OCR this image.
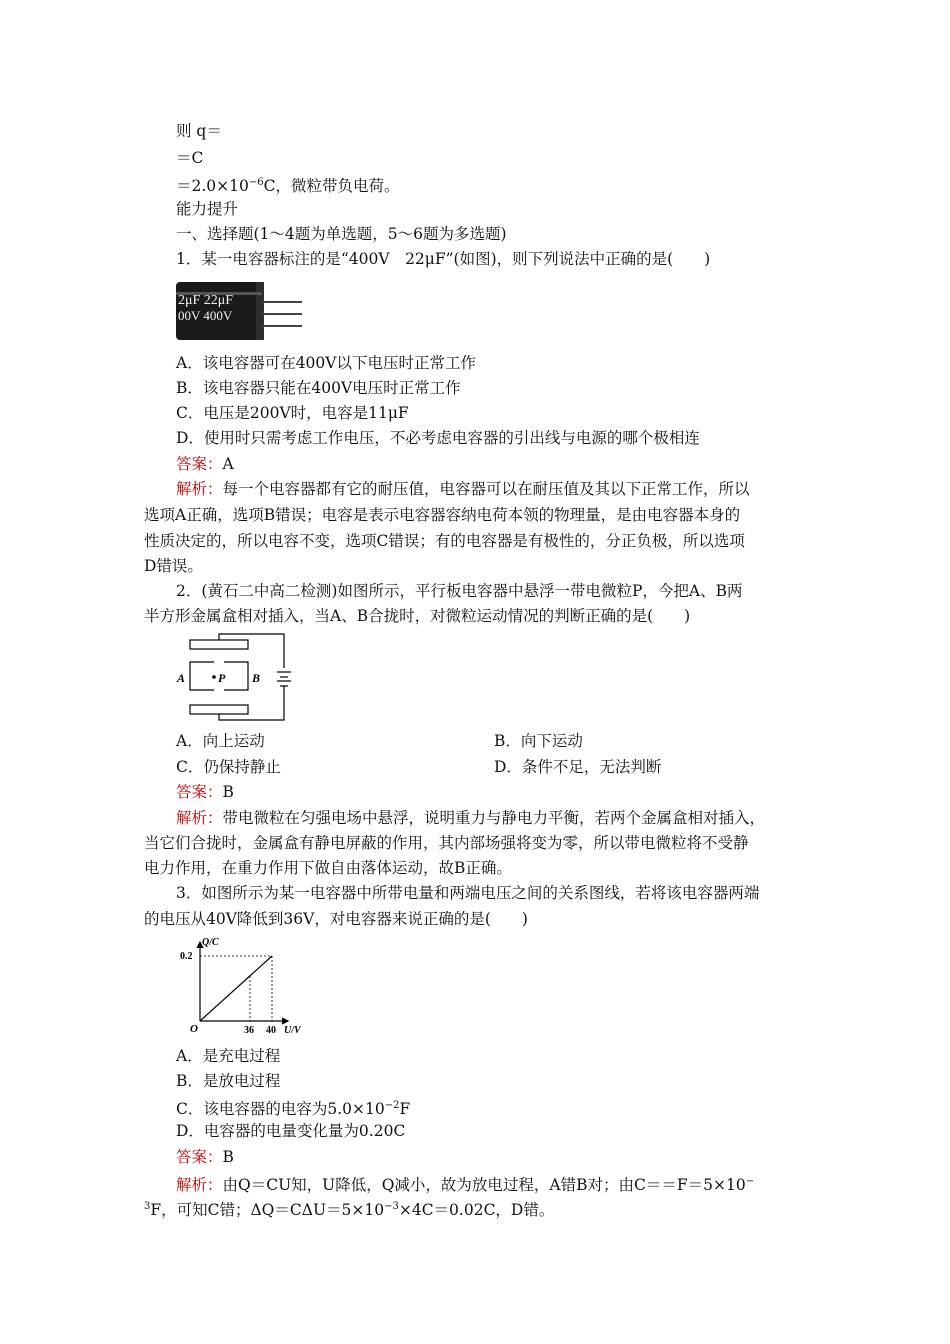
则 q＝
＝C
$=2.0\times 10^{-6}C$，微粒带负电荷。
能力提升
一、选择题(1～4题为单选题，5～6题为多选题)
1．某一电容器标注的是“400V　22μF”(如图)，则下列说法中正确的是(　　)
2μF 22μF
00V 400V
A．该电容器可在400V以下电压时正常工作
B．该电容器只能在400V电压时正常工作
C．电压是200V时，电容是11μF
D．使用时只需考虑工作电压，不必考虑电容器的引出线与电源的哪个极相连
答案：A
解析：每一个电容器都有它的耐压值，电容器可以在耐压值及其以下正常工作，所以
选项A正确，选项B错误；电容是表示电容器容纳电荷本领的物理量，是由电容器本身的
性质决定的，所以电容不变，选项C错误；有的电容器是有极性的，分正负极，所以选项
D错误。
2．(黄石二中高二检测)如图所示，平行板电容器中悬浮一带电微粒P，今把A、B两
半方形金属盒相对插入，当A、B合拢时，对微粒运动情况的判断正确的是(　　)
A	P B
A．向上运动	B．向下运动
C．仍保持静止	D．条件不足，无法判断
答案：B
解析：带电微粒在匀强电场中悬浮，说明重力与静电力平衡，若两个金属盒相对插入，
当它们合拢时，金属盒有静电屏蔽的作用，其内部场强将变为零，所以带电微粒将不受静
电力作用，在重力作用下做自由落体运动，故B正确。
3．如图所示为某一电容器中所带电量和两端电压之间的关系图线，若将该电容器两端
的电压从40V降低到36V，对电容器来说正确的是(　　)
Q/C
0.2
O	36 40 U/V
A．是充电过程
B．是放电过程
C．该电容器的电容为$5.0\times 10^{-2}F$
D．电容器的电量变化量为0.20C
答案：B
解析：由Q＝CU知，U降低，Q减小，故为放电过程，A错B对；由C＝＝F＝5×10−
$^3$F，可知C错；$\Delta Q=C\Delta U=5\times 10^{-3}\times 4C=0.02C$，D错。
